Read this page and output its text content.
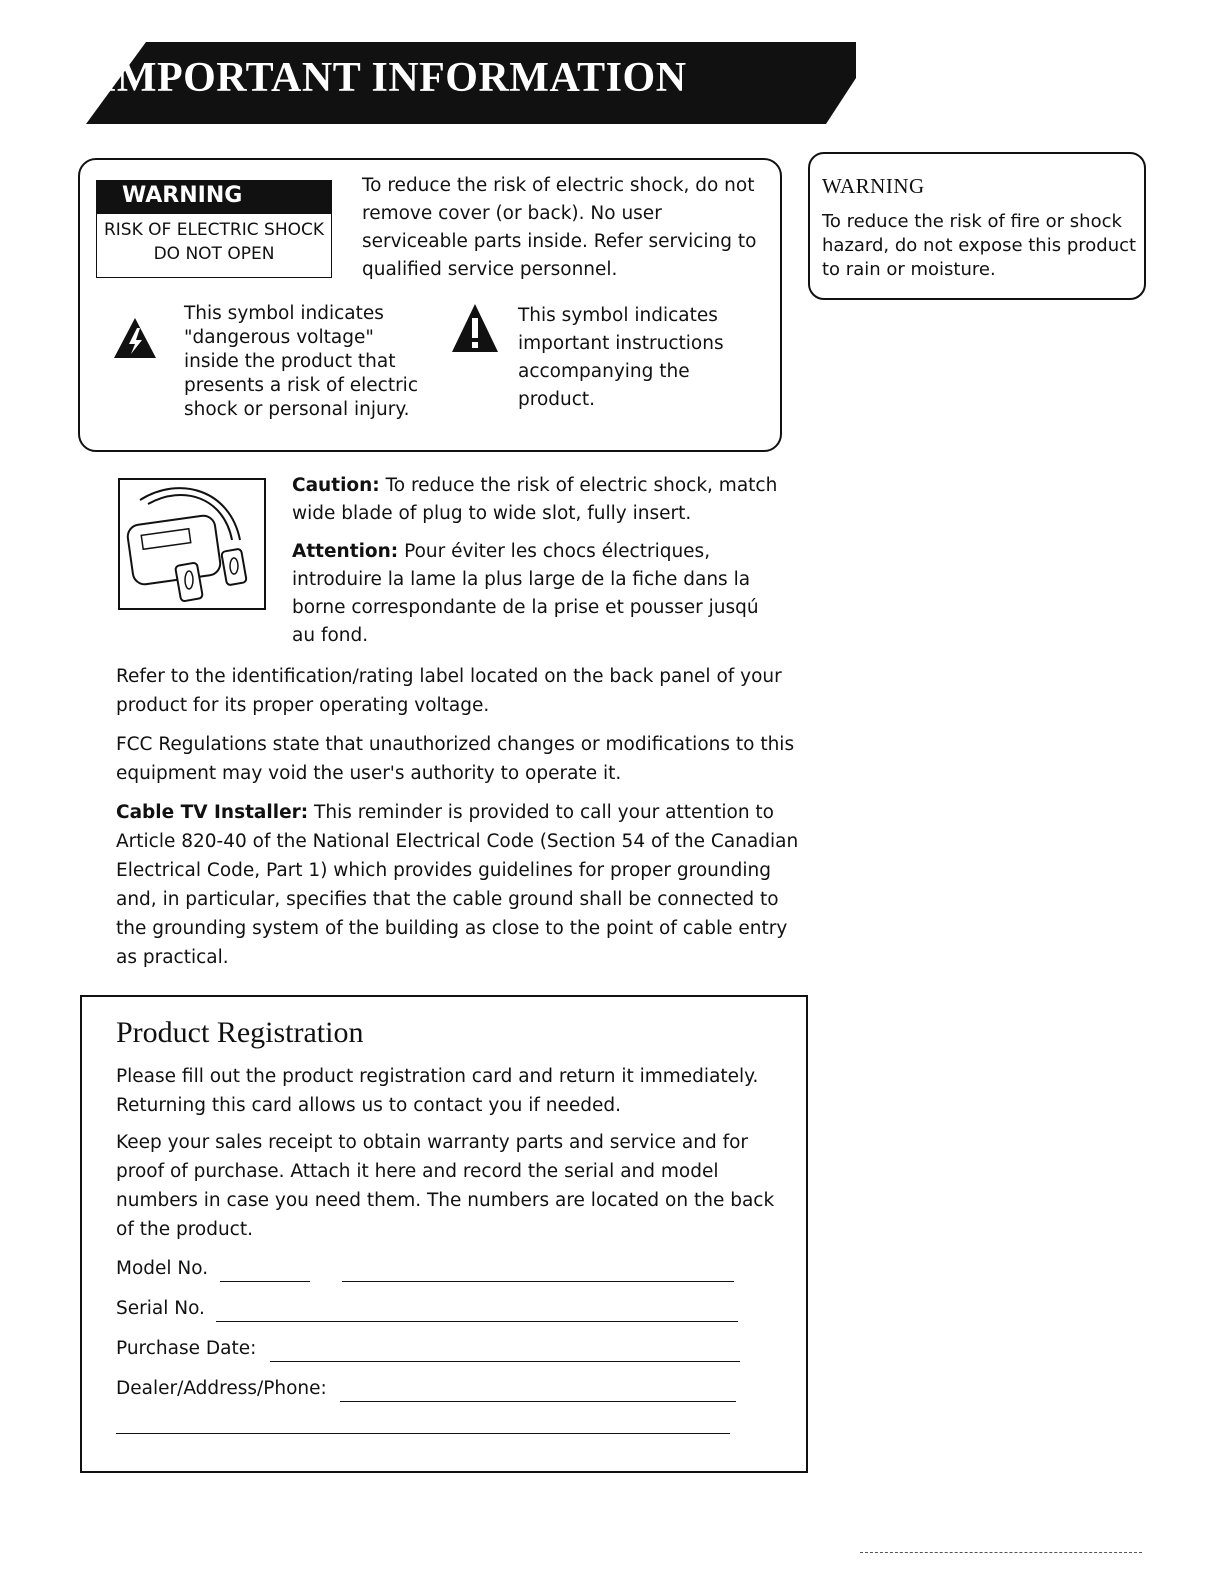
IMPORTANT INFORMATION
WARNING
RISK OF ELECTRIC SHOCK
DO NOT OPEN
To reduce the risk of electric shock, do not remove cover (or back). No user serviceable parts inside. Refer servicing to qualified service personnel.
This symbol indicates "dangerous voltage" inside the product that presents a risk of electric shock or personal injury.
This symbol indicates important instructions accompanying the product.
WARNING
To reduce the risk of fire or shock hazard, do not expose this product to rain or moisture.
Caution: To reduce the risk of electric shock, match wide blade of plug to wide slot, fully insert.
Attention: Pour éviter les chocs électriques, introduire la lame la plus large de la fiche dans la borne correspondante de la prise et pousser jusqú au fond.
Refer to the identification/rating label located on the back panel of your product for its proper operating voltage.
FCC Regulations state that unauthorized changes or modifications to this equipment may void the user's authority to operate it.
Cable TV Installer: This reminder is provided to call your attention to Article 820-40 of the National Electrical Code (Section 54 of the Canadian Electrical Code, Part 1) which provides guidelines for proper grounding and, in particular, specifies that the cable ground shall be connected to the grounding system of the building as close to the point of cable entry as practical.
Product Registration
Please fill out the product registration card and return it immediately. Returning this card allows us to contact you if needed.
Keep your sales receipt to obtain warranty parts and service and for proof of purchase. Attach it here and record the serial and model numbers in case you need them. The numbers are located on the back of the product.
Model No.
Serial No.
Purchase Date:
Dealer/Address/Phone:
